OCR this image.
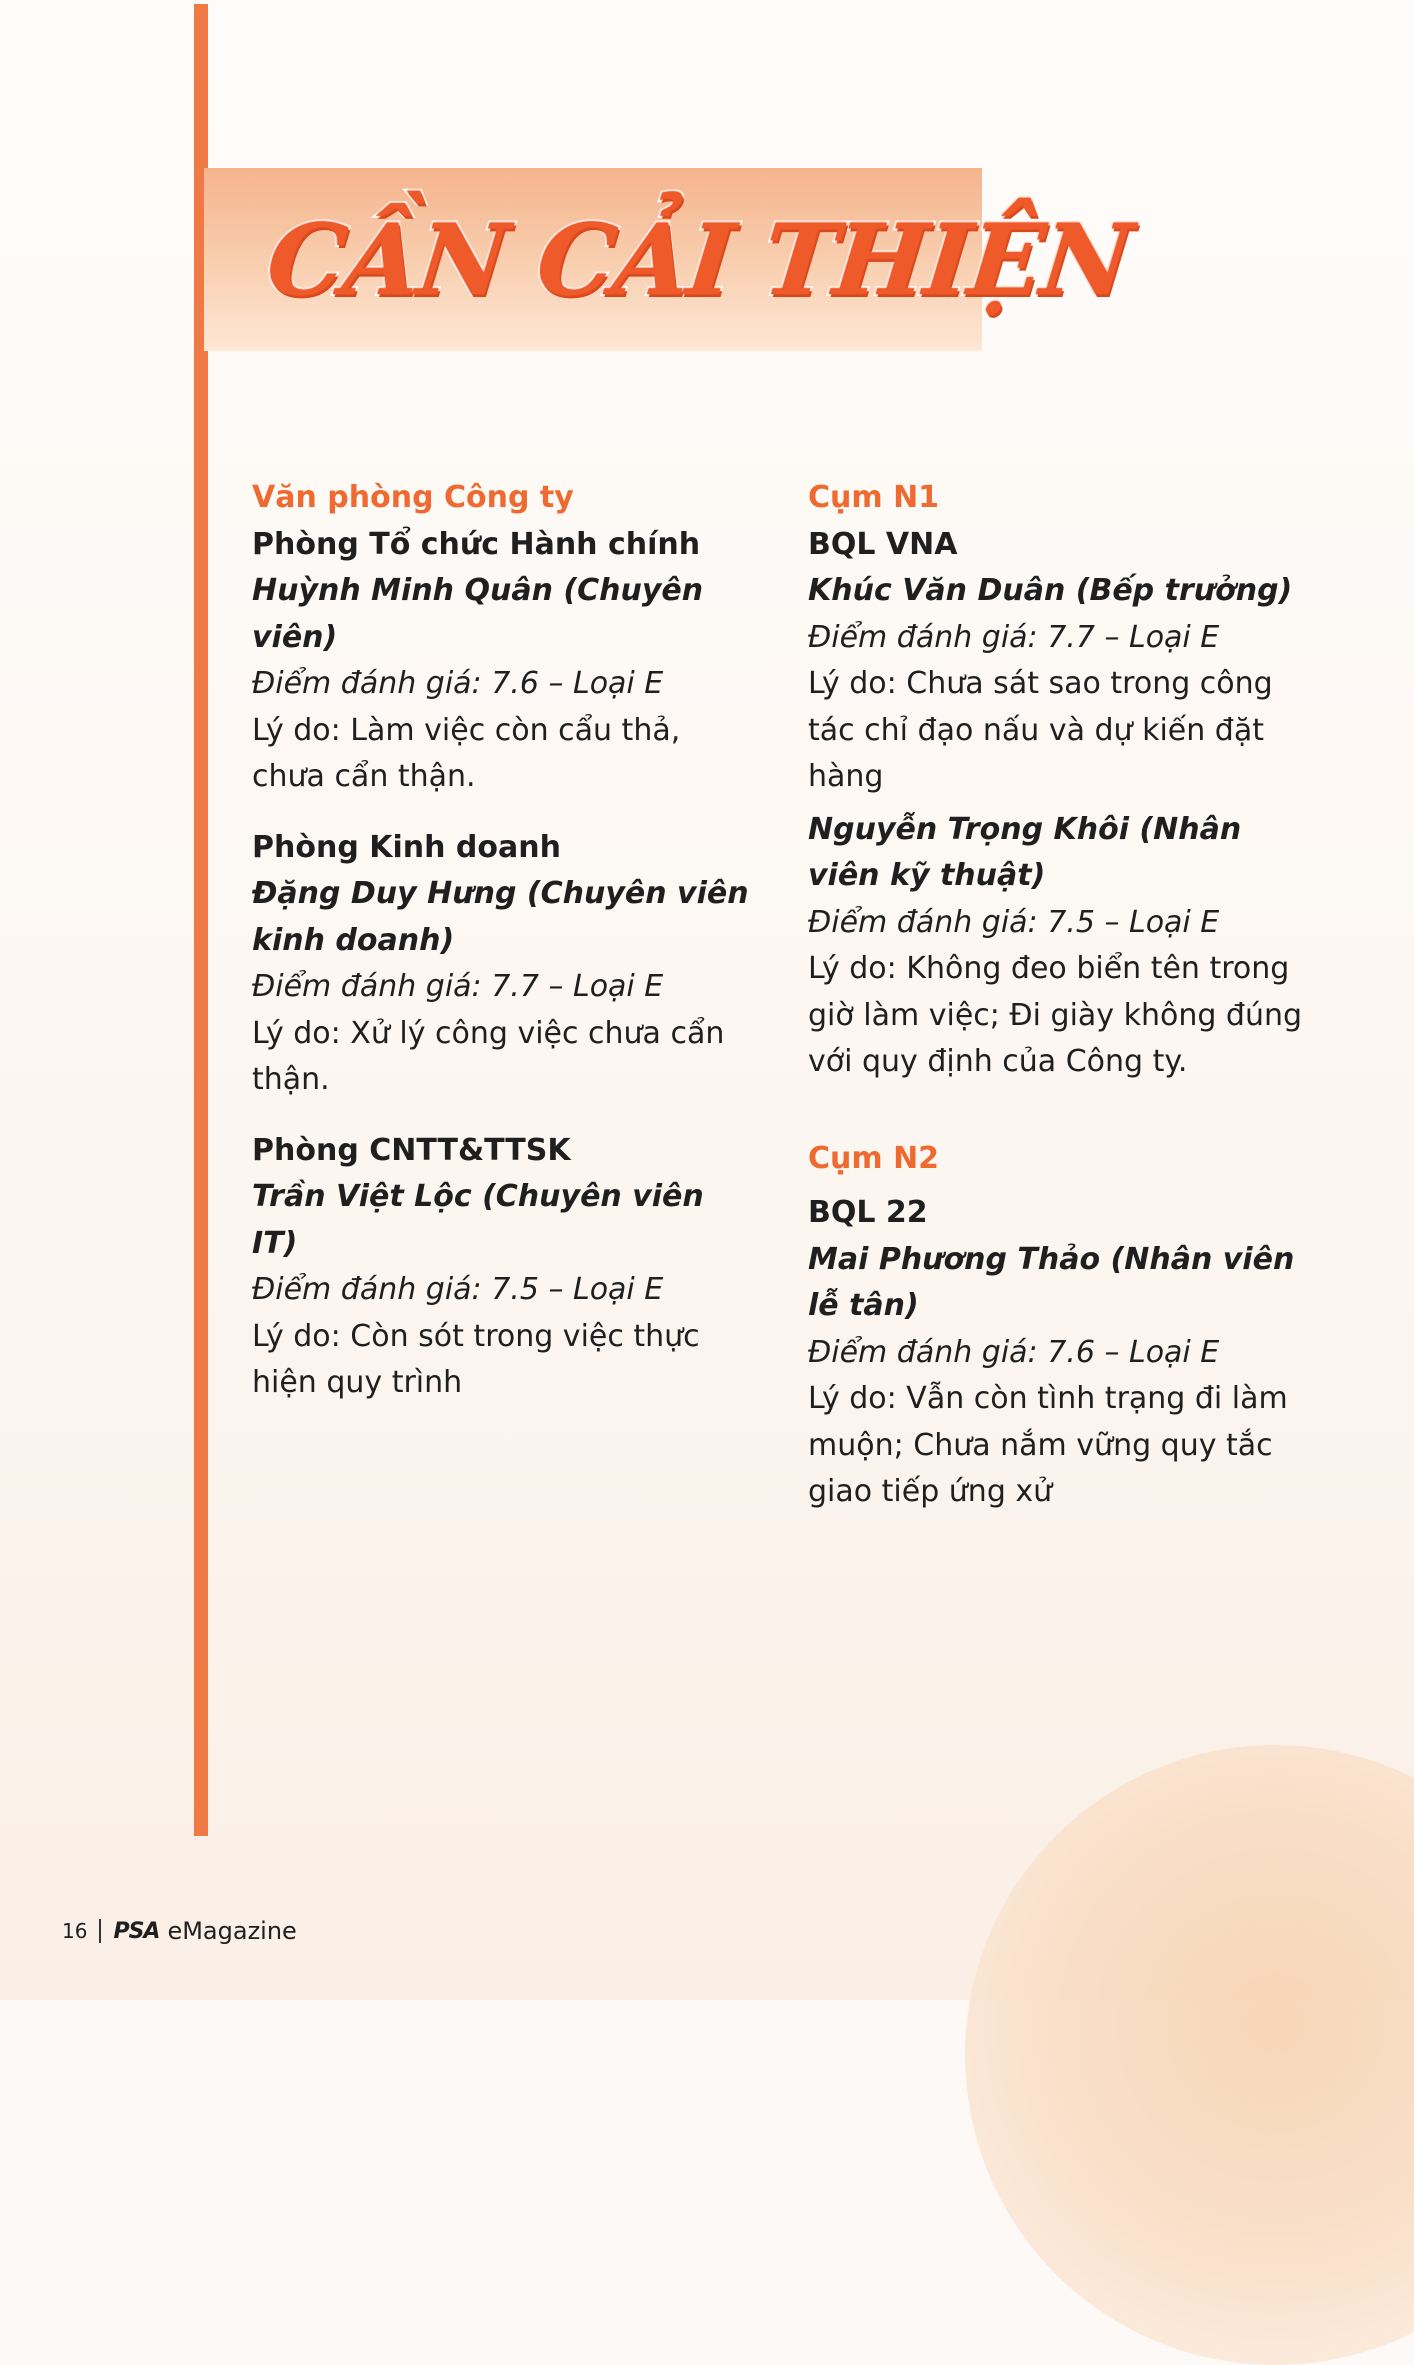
CẦN CẢI THIỆN

Văn phòng Công ty

Phòng Tổ chức Hành chính
Huỳnh Minh Quân (Chuyên viên)
Điểm đánh giá: 7.6 – Loại E
Lý do: Làm việc còn cẩu thả, chưa cẩn thận.
Phòng Kinh doanh
Đặng Duy Hưng (Chuyên viên kinh doanh)
Điểm đánh giá: 7.7 – Loại E
Lý do: Xử lý công việc chưa cẩn thận.
Phòng CNTT&TTSK
Trần Việt Lộc (Chuyên viên IT)
Điểm đánh giá: 7.5 – Loại E
Lý do: Còn sót trong việc thực hiện quy trình

Cụm N1

BQL VNA
Khúc Văn Duân (Bếp trưởng)
Điểm đánh giá: 7.7 – Loại E
Lý do: Chưa sát sao trong công tác chỉ đạo nấu và dự kiến đặt hàng
Nguyễn Trọng Khôi (Nhân viên kỹ thuật)
Điểm đánh giá: 7.5 – Loại E
Lý do: Không đeo biển tên trong giờ làm việc; Đi giày không đúng với quy định của Công ty.

Cụm N2

BQL 22
Mai Phương Thảo (Nhân viên lễ tân)
Điểm đánh giá: 7.6 – Loại E
Lý do: Vẫn còn tình trạng đi làm muộn; Chưa nắm vững quy tắc giao tiếp ứng xử
16 PSA eMagazine
